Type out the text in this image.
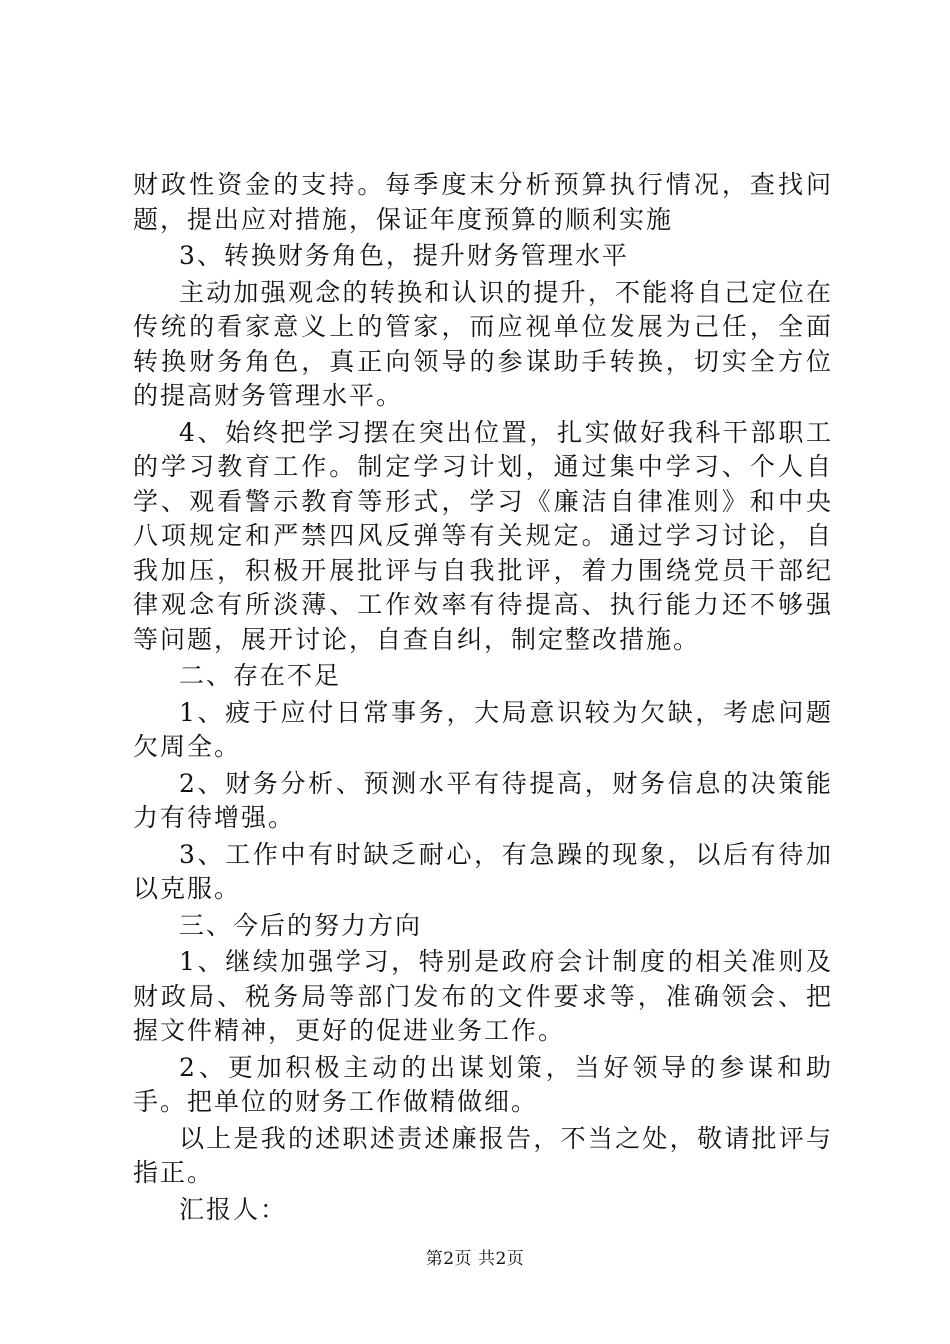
财政性资金的支持。每季度末分析预算执行情况，查找问题，提出应对措施，保证年度预算的顺利实施

3、转换财务角色，提升财务管理水平

主动加强观念的转换和认识的提升，不能将自己定位在传统的看家意义上的管家，而应视单位发展为己任，全面转换财务角色，真正向领导的参谋助手转换，切实全方位的提高财务管理水平。

4、始终把学习摆在突出位置，扎实做好我科干部职工的学习教育工作。制定学习计划，通过集中学习、个人自学、观看警示教育等形式，学习《廉洁自律准则》和中央八项规定和严禁四风反弹等有关规定。通过学习讨论，自我加压，积极开展批评与自我批评，着力围绕党员干部纪律观念有所淡薄、工作效率有待提高、执行能力还不够强等问题，展开讨论，自查自纠，制定整改措施。

二、存在不足

1、疲于应付日常事务，大局意识较为欠缺，考虑问题欠周全。

2、财务分析、预测水平有待提高，财务信息的决策能力有待增强。

3、工作中有时缺乏耐心，有急躁的现象，以后有待加以克服。

三、今后的努力方向

1、继续加强学习，特别是政府会计制度的相关准则及财政局、税务局等部门发布的文件要求等，准确领会、把握文件精神，更好的促进业务工作。

2、更加积极主动的出谋划策，当好领导的参谋和助手。把单位的财务工作做精做细。

以上是我的述职述责述廉报告，不当之处，敬请批评与指正。

汇报人：

第2页 共2页
